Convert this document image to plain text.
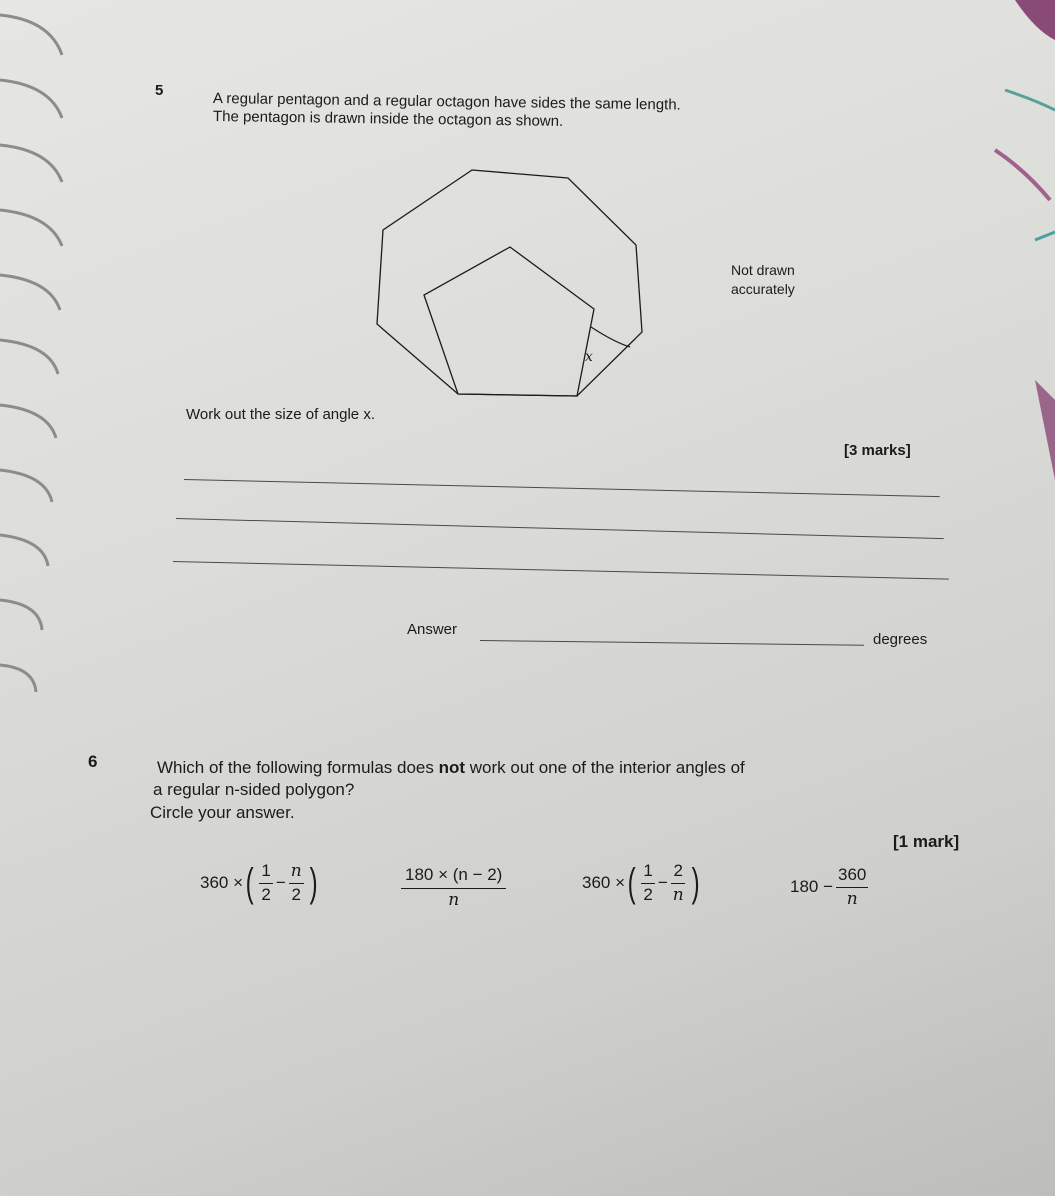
5	A regular pentagon and a regular octagon have sides the same length.
The pentagon is drawn inside the octagon as shown.
x
Not drawn
accurately
Work out the size of angle x.
[3 marks]
Answer
degrees
6	Which of the following formulas does not work out one of the interior angles of
a regular n-sided polygon?
Circle your answer.
[1 mark]
360 × ( $\frac{1}{2} - \frac{n}{2}$ )	$\frac{180 \times (n - 2)}{n}$	360 × ( $\frac{1}{2} - \frac{2}{n}$ )	$180 - \frac{360}{n}$
